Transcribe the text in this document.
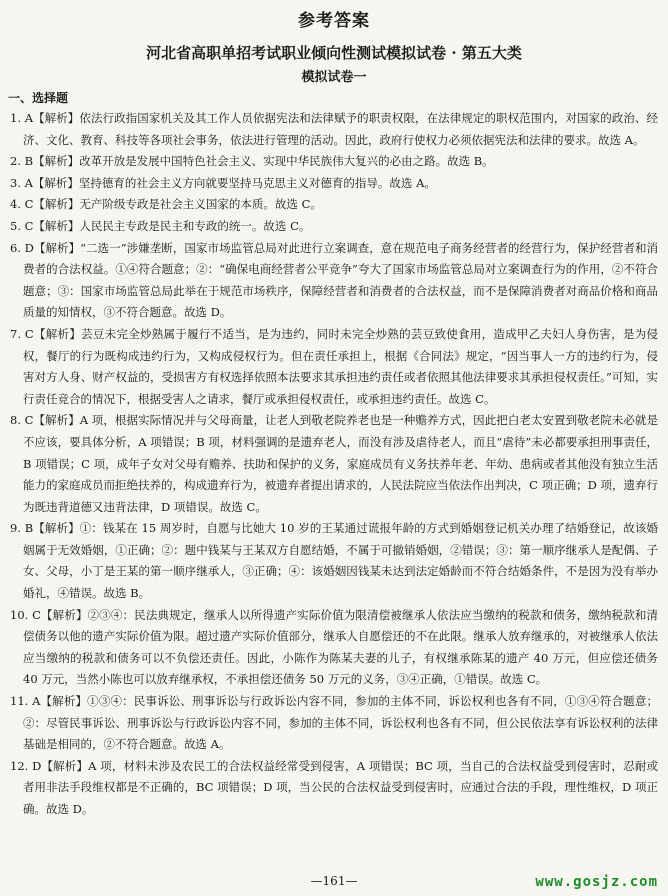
参考答案
河北省高职单招考试职业倾向性测试模拟试卷 · 第五大类
模拟试卷一
一、选择题

1. A【解析】依法行政指国家机关及其工作人员依据宪法和法律赋予的职责权限，在法律规定的职权范围内，对国家的政治、经济、文化、教育、科技等各项社会事务，依法进行管理的活动。因此，政府行使权力必须依据宪法和法律的要求。故选 A。

2. B【解析】改革开放是发展中国特色社会主义、实现中华民族伟大复兴的必由之路。故选 B。

3. A【解析】坚持德育的社会主义方向就要坚持马克思主义对德育的指导。故选 A。

4. C【解析】无产阶级专政是社会主义国家的本质。故选 C。

5. C【解析】人民民主专政是民主和专政的统一。故选 C。

6. D【解析】“二选一”涉嫌垄断，国家市场监管总局对此进行立案调查，意在规范电子商务经营者的经营行为，保护经营者和消费者的合法权益。①④符合题意；②：“确保电商经营者公平竞争”夸大了国家市场监管总局对立案调查行为的作用，②不符合题意；③：国家市场监管总局此举在于规范市场秩序，保障经营者和消费者的合法权益，而不是保障消费者对商品价格和商品质量的知情权，③不符合题意。故选 D。

7. C【解析】芸豆未完全炒熟属于履行不适当，是为违约，同时未完全炒熟的芸豆致使食用，造成甲乙夫妇人身伤害，是为侵权，餐厅的行为既构成违约行为，又构成侵权行为。但在责任承担上，根据《合同法》规定，“因当事人一方的违约行为，侵害对方人身、财产权益的，受损害方有权选择依照本法要求其承担违约责任或者依照其他法律要求其承担侵权责任。”可知，实行责任竞合的情况下，根据受害人之请求，餐厅或承担侵权责任，或承担违约责任。故选 C。

8. C【解析】A 项，根据实际情况并与父母商量，让老人到敬老院养老也是一种赡养方式，因此把白老太安置到敬老院未必就是不应该，要具体分析，A 项错误；B 项，材料强调的是遗弃老人，而没有涉及虐待老人，而且“虐待”未必都要承担刑事责任，B 项错误；C 项，成年子女对父母有赡养、扶助和保护的义务，家庭成员有义务扶养年老、年幼、患病或者其他没有独立生活能力的家庭成员而拒绝扶养的，构成遗弃行为，被遗弃者提出请求的，人民法院应当依法作出判决，C 项正确；D 项，遗弃行为既违背道德又违背法律，D 项错误。故选 C。

9. B【解析】①：钱某在 15 周岁时，自愿与比她大 10 岁的王某通过谎报年龄的方式到婚姻登记机关办理了结婚登记，故该婚姻属于无效婚姻，①正确；②：题中钱某与王某双方自愿结婚，不属于可撤销婚姻，②错误；③：第一顺序继承人是配偶、子女、父母，小丁是王某的第一顺序继承人，③正确；④：该婚姻因钱某未达到法定婚龄而不符合结婚条件，不是因为没有举办婚礼，④错误。故选 B。

10. C【解析】②③④：民法典规定，继承人以所得遗产实际价值为限清偿被继承人依法应当缴纳的税款和债务，缴纳税款和清偿债务以他的遗产实际价值为限。超过遗产实际价值部分，继承人自愿偿还的不在此限。继承人放弃继承的，对被继承人依法应当缴纳的税款和债务可以不负偿还责任。因此，小陈作为陈某夫妻的儿子，有权继承陈某的遗产 40 万元，但应偿还债务 40 万元，当然小陈也可以放弃继承权，不承担偿还债务 50 万元的义务，③④正确，①错误。故选 C。

11. A【解析】①③④：民事诉讼、刑事诉讼与行政诉讼内容不同，参加的主体不同，诉讼权利也各有不同，①③④符合题意；②：尽管民事诉讼、刑事诉讼与行政诉讼内容不同，参加的主体不同，诉讼权利也各有不同，但公民依法享有诉讼权利的法律基础是相同的，②不符合题意。故选 A。

12. D【解析】A 项，材料未涉及农民工的合法权益经常受到侵害，A 项错误；BC 项，当自己的合法权益受到侵害时，忍耐或者用非法手段维权都是不正确的，BC 项错误；D 项，当公民的合法权益受到侵害时，应通过合法的手段，理性维权，D 项正确。故选 D。

—161—	www.gosjz.com
